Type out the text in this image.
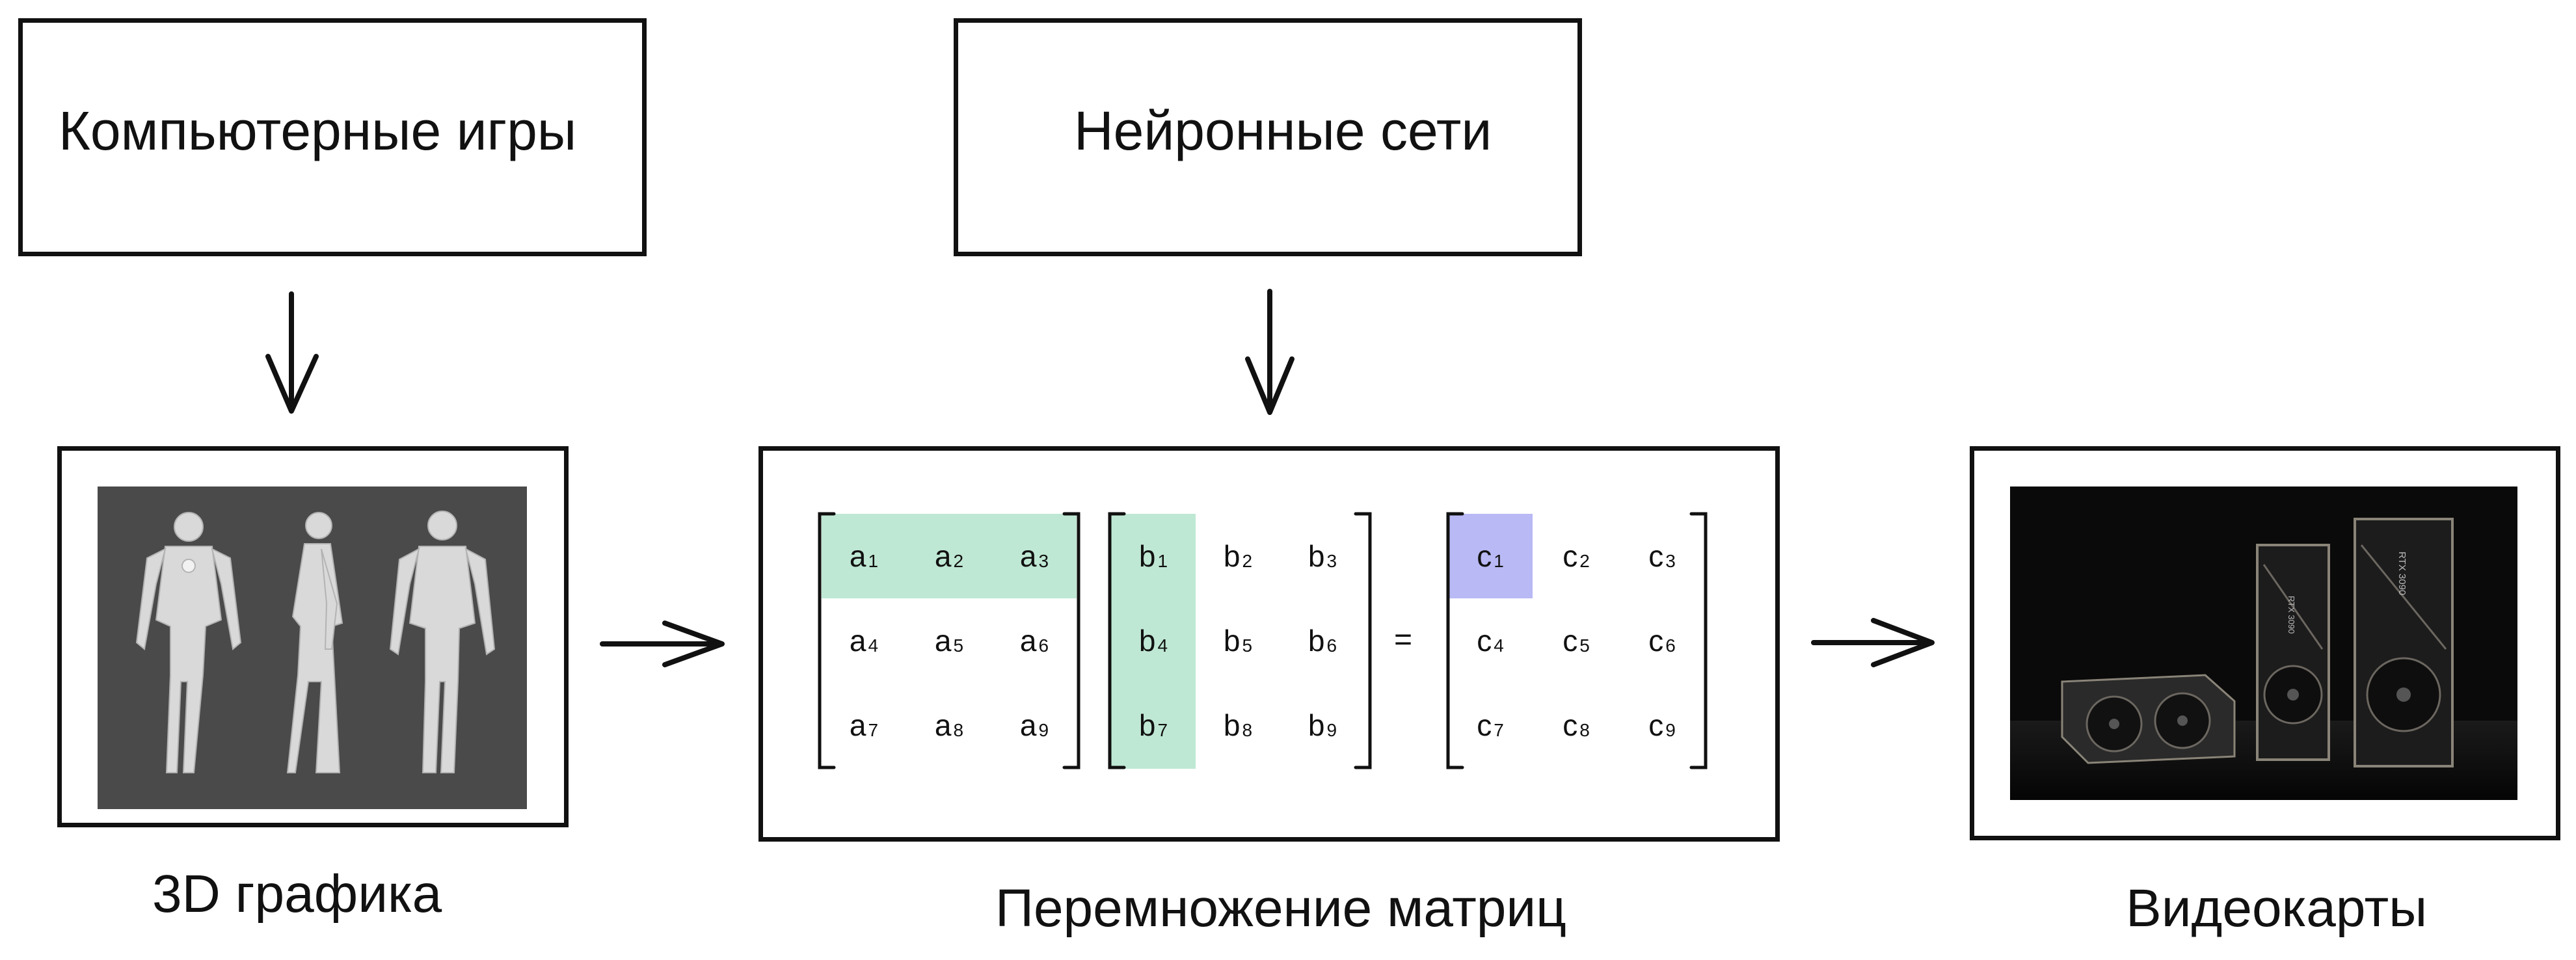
Компьютерные игры	Нейронные сети
RTX 3090
RTX 3090
$a_1$ $a_2$ $a_3$
$a_4$ $a_5$ $a_6$
$a_7$ $a_8$ $a_9$
$b_1$ $b_2$ $b_3$
$b_4$ $b_5$ $b_6$
$b_7$ $b_8$ $b_9$
=
$c_1$ $c_2$ $c_3$
$c_4$ $c_5$ $c_6$
$c_7$ $c_8$ $c_9$
3D графика	Перемножение матриц	Видеокарты
